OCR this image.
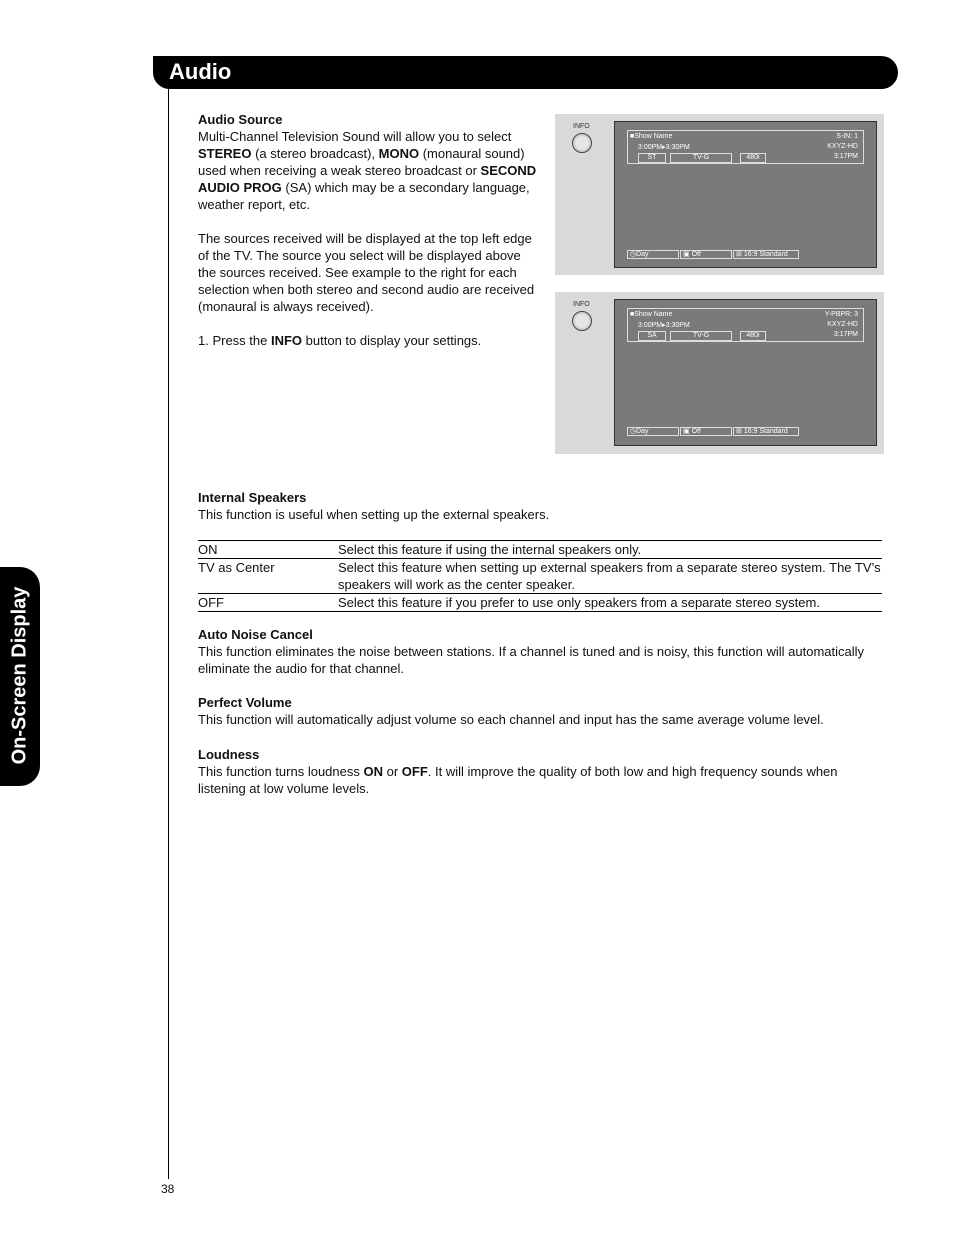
Audio
On-Screen Display

Audio Source

Multi-Channel Television Sound will allow you to select STEREO (a stereo broadcast), MONO (monaural sound) used when receiving a weak stereo broadcast or SECOND AUDIO PROG (SA) which may be a secondary language, weather report, etc.

The sources received will be displayed at the top left edge of the TV. The source you select will be displayed above the sources received. See example to the right for each selection when both stereo and second audio are received (monaural is always received).

1. Press the INFO button to display your settings.

INFO
■Show Name	S-IN: 1
3:00PM▸3:30PM	KXYZ-HD
ST	TV-G	480i	3:17PM
◷Day	▣ Off	⊞ 16:9 Standard
INFO
■Show Name	Y-PBPR: 3
3:00PM▸3:30PM	KXYZ-HD
SA	TV-G	480i	3:17PM
◷Day	▣ Off	⊞ 16:9 Standard

Internal Speakers

This function is useful when setting up the external speakers.

ON	Select this feature if using the internal speakers only.
TV as Center	Select this feature when setting up external speakers from a separate stereo system. The TV’s speakers will work as the center speaker.
OFF	Select this feature if you prefer to use only speakers from a separate stereo system.

Auto Noise Cancel

This function eliminates the noise between stations. If a channel is tuned and is noisy, this function will automatically eliminate the audio for that channel.

Perfect Volume

This function will automatically adjust volume so each channel and input has the same average volume level.

Loudness

This function turns loudness ON or OFF. It will improve the quality of both low and high frequency sounds when listening at low volume levels.

38
